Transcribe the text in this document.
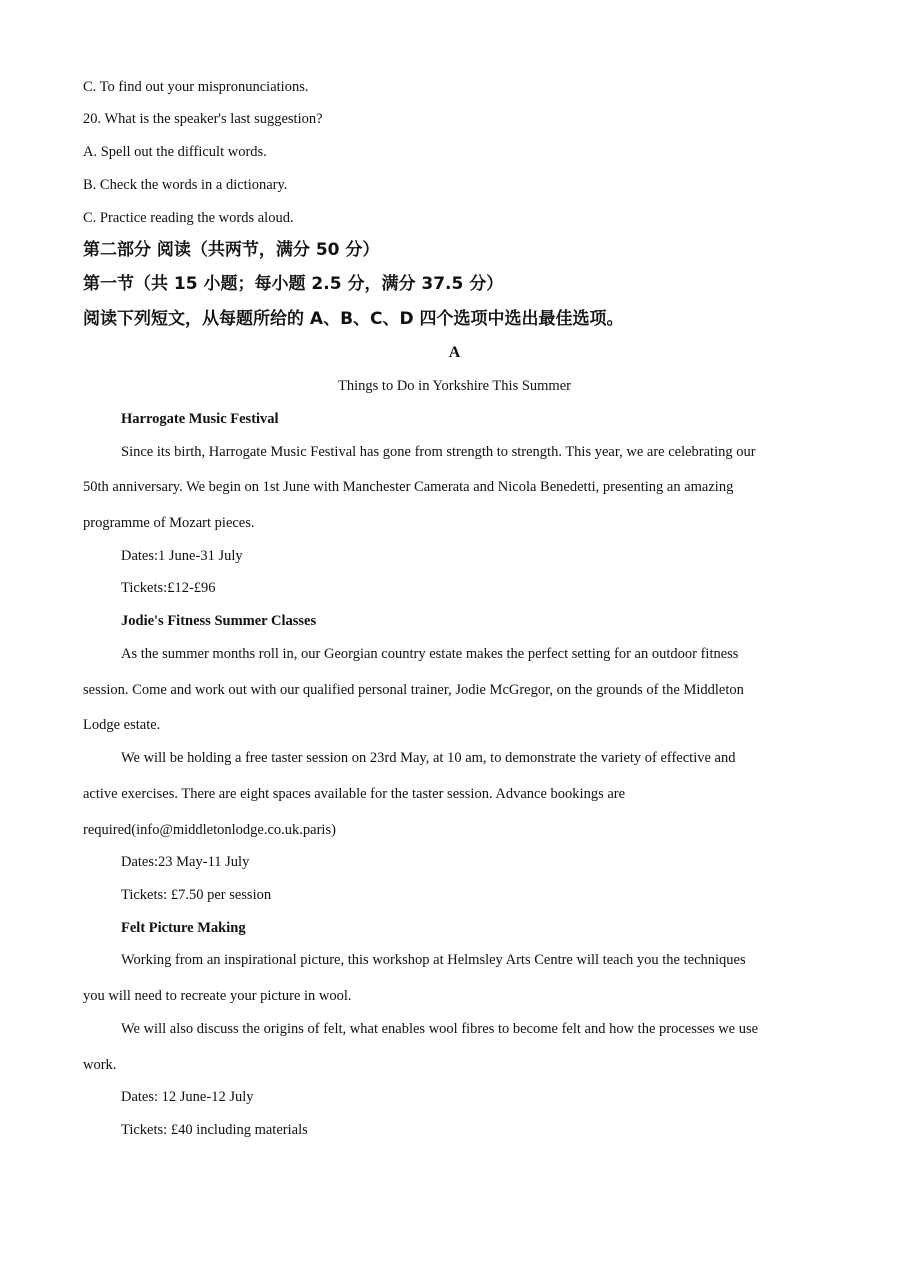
C. To find out your mispronunciations.
20. What is the speaker's last suggestion?
A. Spell out the difficult words.
B. Check the words in a dictionary.
C. Practice reading the words aloud.
第二部分 阅读（共两节，满分 50 分）
第一节（共 15 小题；每小题 2.5 分，满分 37.5 分）
阅读下列短文，从每题所给的 A、B、C、D 四个选项中选出最佳选项。
A
Things to Do in Yorkshire This Summer
Harrogate Music Festival
Since its birth, Harrogate Music Festival has gone from strength to strength. This year, we are celebrating our
50th anniversary. We begin on 1st June with Manchester Camerata and Nicola Benedetti, presenting an amazing
programme of Mozart pieces.
Dates:1 June-31 July
Tickets:£12-£96
Jodie's Fitness Summer Classes
As the summer months roll in, our Georgian country estate makes the perfect setting for an outdoor fitness
session. Come and work out with our qualified personal trainer, Jodie McGregor, on the grounds of the Middleton
Lodge estate.
We will be holding a free taster session on 23rd May, at 10 am, to demonstrate the variety of effective and
active exercises. There are eight spaces available for the taster session. Advance bookings are
required(info@middletonlodge.co.uk.paris)
Dates:23 May-11 July
Tickets: £7.50 per session
Felt Picture Making
Working from an inspirational picture, this workshop at Helmsley Arts Centre will teach you the techniques
you will need to recreate your picture in wool.
We will also discuss the origins of felt, what enables wool fibres to become felt and how the processes we use
work.
Dates: 12 June-12 July
Tickets: £40 including materials
